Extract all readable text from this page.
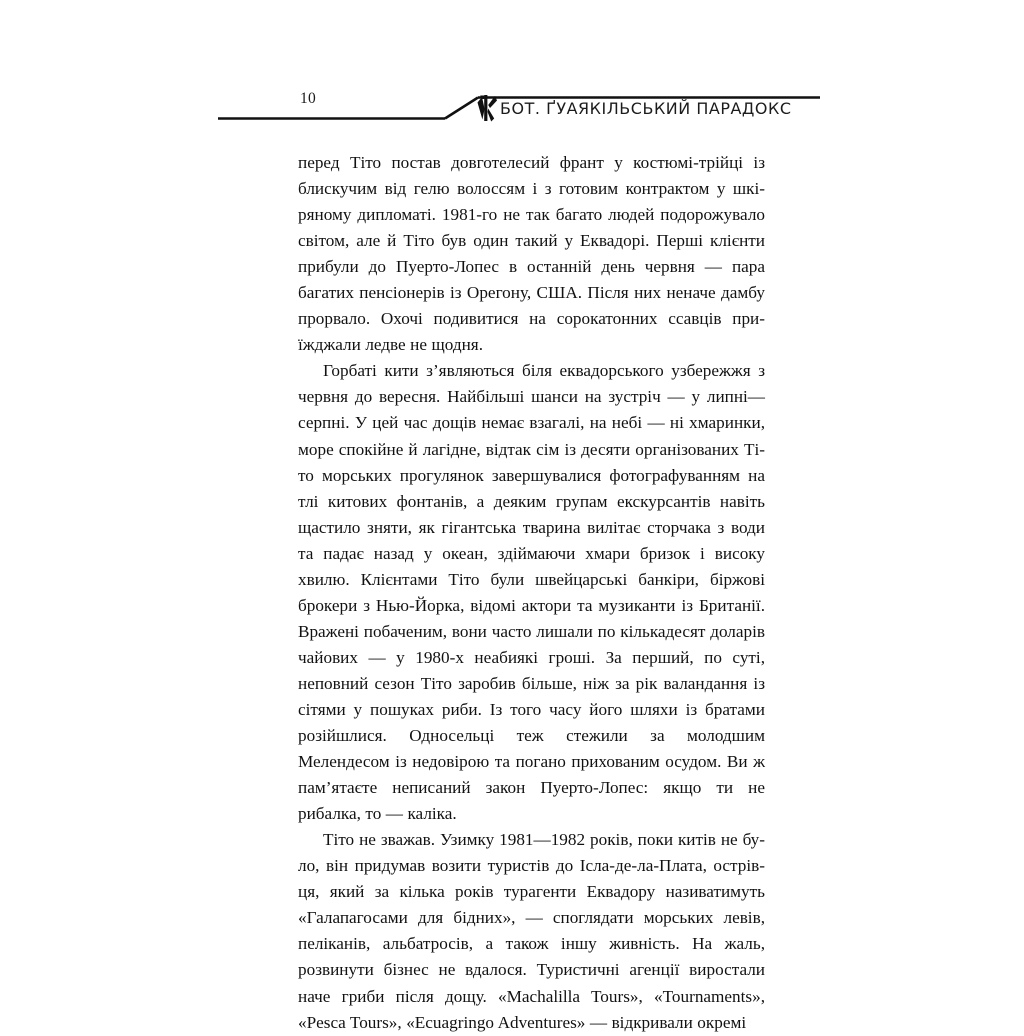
10
БОТ. ҐУАЯКІЛЬСЬКИЙ ПАРАДОКС

перед Тіто постав довготелесий франт у костюмі-трійці із блискучим від гелю волоссям і з готовим контрактом у шкіряному дипломаті. 1981-го не так багато людей подорожувало світом, але й Тіто був один такий у Еквадорі. Перші клієнти прибули до Пуерто-Лопес в останній день червня — пара багатих пенсіонерів із Орегону, США. Після них неначе дамбу прорвало. Охочі подивитися на сорокатонних ссавців приїжджали ледве не щодня.

Горбаті кити з’являються біля еквадорського узбережжя з червня до вересня. Найбільші шанси на зустріч — у липні—серпні. У цей час дощів немає взагалі, на небі — ні хмаринки, море спокійне й лагідне, відтак сім із десяти організованих Тіто морських прогулянок завершувалися фотографуванням на тлі китових фонтанів, а деяким групам екскурсантів навіть щастило зняти, як гігантська тварина вилітає сторчака з води та падає назад у океан, здіймаючи хмари бризок і високу хвилю. Клієнтами Тіто були швейцарські банкіри, біржові брокери з Нью-Йорка, відомі актори та музиканти із Британії. Вражені побаченим, вони часто лишали по кількадесят доларів чайових — у 1980-х неабиякі гроші. За перший, по суті, неповний сезон Тіто заробив більше, ніж за рік валандання із сітями у пошуках риби. Із того часу його шляхи із братами розійшлися. Односельці теж стежили за молодшим Мелендесом із недовірою та погано прихованим осудом. Ви ж пам’ятаєте неписаний закон Пуерто-Лопес: якщо ти не рибалка, то — каліка.

Тіто не зважав. Узимку 1981—1982 років, поки китів не було, він придумав возити туристів до Ісла-де-ла-Плата, острівця, який за кілька років турагенти Еквадору називатимуть «Галапагосами для бідних», — споглядати морських левів, пеліканів, альбатросів, а також іншу живність. На жаль, розвинути бізнес не вдалося. Туристичні агенції виростали наче гриби після дощу. «Machalilla Tours», «Tournaments», «Pesca Tours», «Ecuagringo Adventures» — відкривали окремі
